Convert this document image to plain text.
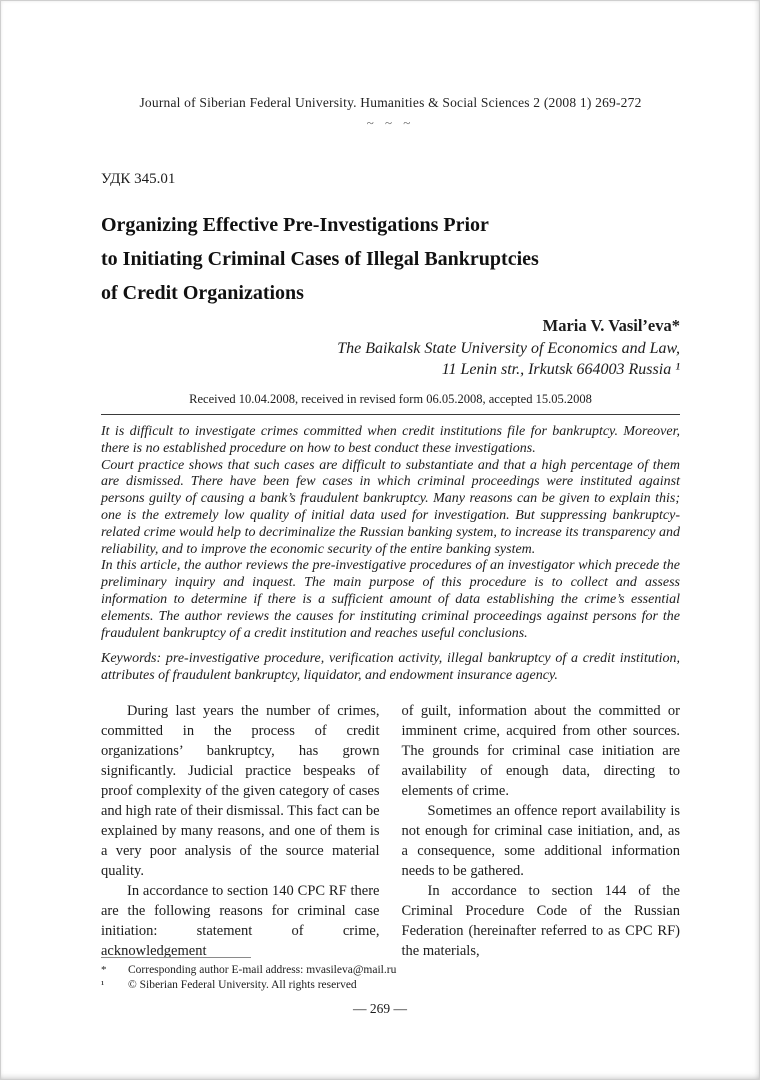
Journal of Siberian Federal University. Humanities & Social Sciences 2 (2008 1) 269-272
~ ~ ~
УДК 345.01
Organizing Effective Pre-Investigations Prior
to Initiating Criminal Cases of Illegal Bankruptcies
of Credit Organizations
Maria V. Vasil’eva*
The Baikalsk State University of Economics and Law,
11 Lenin str., Irkutsk 664003 Russia ¹
Received 10.04.2008, received in revised form 06.05.2008, accepted 15.05.2008

It is difficult to investigate crimes committed when credit institutions file for bankruptcy. Moreover, there is no established procedure on how to best conduct these investigations.

Court practice shows that such cases are difficult to substantiate and that a high percentage of them are dismissed. There have been few cases in which criminal proceedings were instituted against persons guilty of causing a bank’s fraudulent bankruptcy. Many reasons can be given to explain this; one is the extremely low quality of initial data used for investigation. But suppressing bankruptcy-related crime would help to decriminalize the Russian banking system, to increase its transparency and reliability, and to improve the economic security of the entire banking system.

In this article, the author reviews the pre-investigative procedures of an investigator which precede the preliminary inquiry and inquest. The main purpose of this procedure is to collect and assess information to determine if there is a sufficient amount of data establishing the crime’s essential elements. The author reviews the causes for instituting criminal proceedings against persons for the fraudulent bankruptcy of a credit institution and reaches useful conclusions.

Keywords: pre-investigative procedure, verification activity, illegal bankruptcy of a credit institution, attributes of fraudulent bankruptcy, liquidator, and endowment insurance agency.

During last years the number of crimes, committed in the process of credit organizations’ bankruptcy, has grown significantly. Judicial practice bespeaks of proof complexity of the given category of cases and high rate of their dismissal. This fact can be explained by many reasons, and one of them is a very poor analysis of the source material quality.

In accordance to section 140 CPC RF there are the following reasons for criminal case initiation: statement of crime, acknowledgement

of guilt, information about the committed or imminent crime, acquired from other sources. The grounds for criminal case initiation are availability of enough data, directing to elements of crime.

Sometimes an offence report availability is not enough for criminal case initiation, and, as a consequence, some additional information needs to be gathered.

In accordance to section 144 of the Criminal Procedure Code of the Russian Federation (hereinafter referred to as CPC RF) the materials,

*	Corresponding author E-mail address: mvasileva@mail.ru
¹	© Siberian Federal University. All rights reserved
— 269 —
